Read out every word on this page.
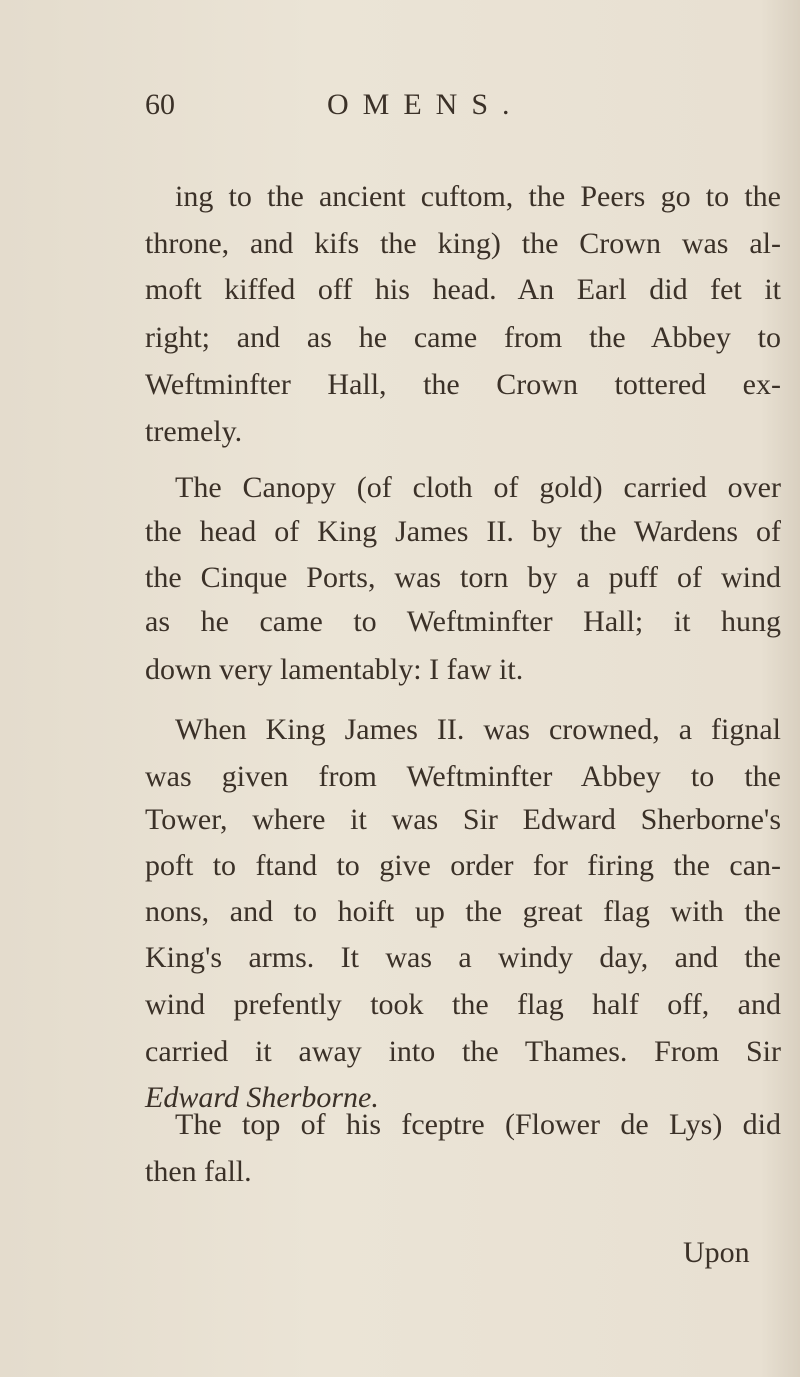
60	OMENS.
ing to the ancient cuftom, the Peers go to the
throne, and kifs the king) the Crown was al-
moft kiffed off his head. An Earl did fet it
right; and as he came from the Abbey to
Weftminfter Hall, the Crown tottered ex-
tremely.
The Canopy (of cloth of gold) carried over
the head of King James II. by the Wardens of
the Cinque Ports, was torn by a puff of wind
as he came to Weftminfter Hall; it hung
down very lamentably: I faw it.
When King James II. was crowned, a fignal
was given from Weftminfter Abbey to the
Tower, where it was Sir Edward Sherborne's
poft to ftand to give order for firing the can-
nons, and to hoift up the great flag with the
King's arms. It was a windy day, and the
wind prefently took the flag half off, and
carried it away into the Thames. From Sir
Edward Sherborne.
The top of his fceptre (Flower de Lys) did
then fall.
Upon
